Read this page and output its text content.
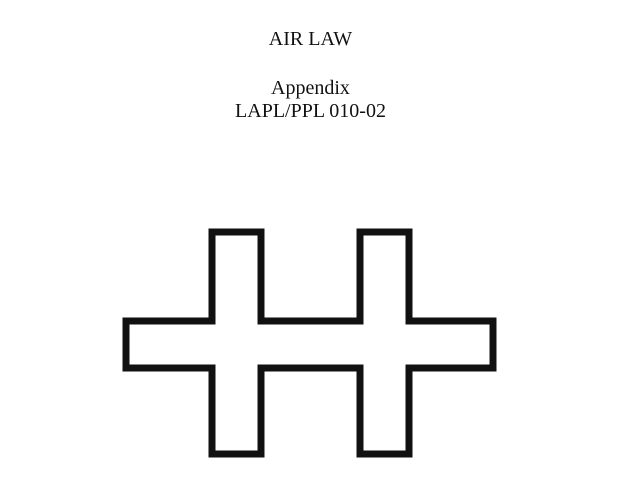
AIR LAW
Appendix
LAPL/PPL 010-02
